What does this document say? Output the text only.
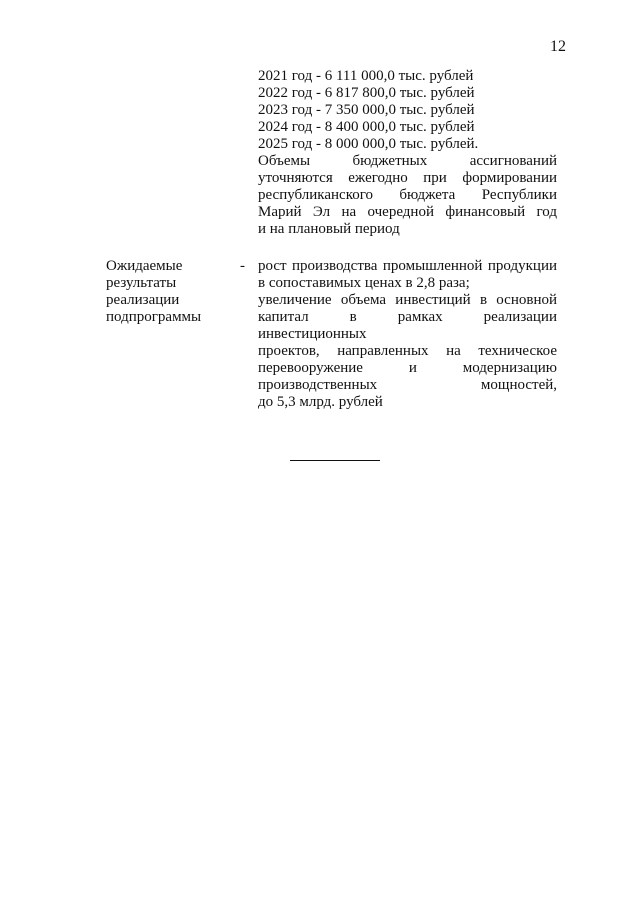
12
2021 год - 6 111 000,0 тыс. рублей
2022 год - 6 817 800,0 тыс. рублей
2023 год - 7 350 000,0 тыс. рублей
2024 год - 8 400 000,0 тыс. рублей
2025 год - 8 000 000,0 тыс. рублей.
Объемы бюджетных ассигнований
уточняются ежегодно при формировании
республиканского бюджета Республики
Марий Эл на очередной финансовый год
и на плановый период
Ожидаемые
результаты
реализации
подпрограммы
- рост производства промышленной продукции
в сопоставимых ценах в 2,8 раза;
увеличение объема инвестиций в основной
капитал в рамках реализации инвестиционных
проектов, направленных на техническое
перевооружение и модернизацию
производственных мощностей,
до 5,3 млрд. рублей
